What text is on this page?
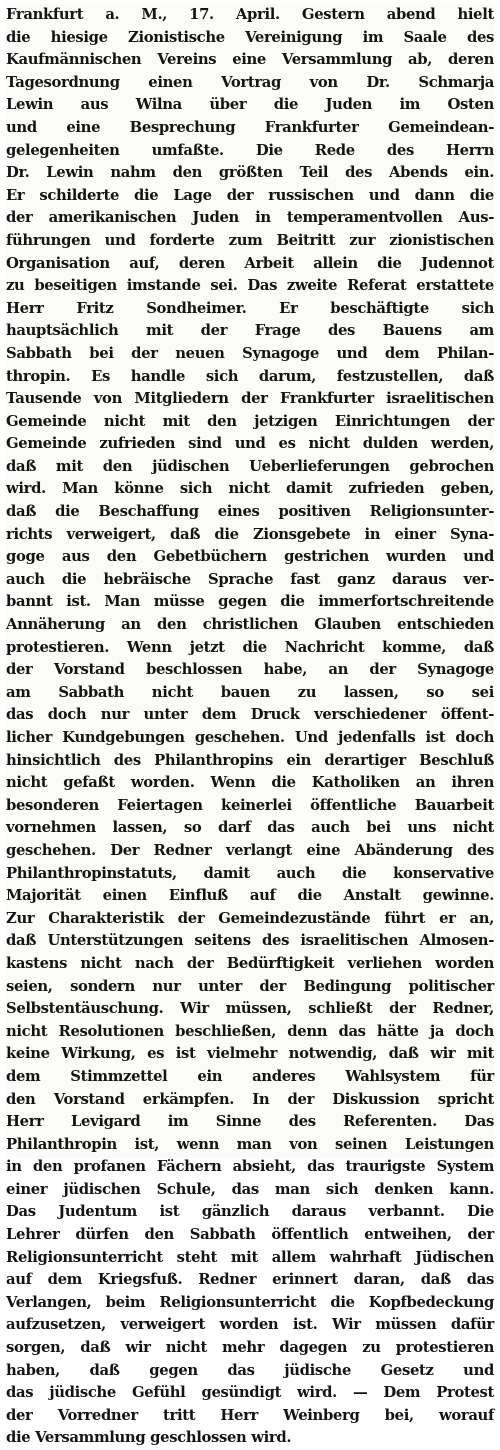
Frankfurt a. M., 17. April. Gestern abend hielt
die hiesige Zionistische Vereinigung im Saale des
Kaufmännischen Vereins eine Versammlung ab, deren
Tagesordnung einen Vortrag von Dr. Schmarja
Lewin aus Wilna über die Juden im Osten
und eine Besprechung Frankfurter Gemeindean-
gelegenheiten umfaßte. Die Rede des Herrn
Dr. Lewin nahm den größten Teil des Abends ein.
Er schilderte die Lage der russischen und dann die
der amerikanischen Juden in temperamentvollen Aus-
führungen und forderte zum Beitritt zur zionistischen
Organisation auf, deren Arbeit allein die Judennot
zu beseitigen imstande sei. Das zweite Referat erstattete
Herr Fritz Sondheimer. Er beschäftigte sich
hauptsächlich mit der Frage des Bauens am
Sabbath bei der neuen Synagoge und dem Philan-
thropin. Es handle sich darum, festzustellen, daß
Tausende von Mitgliedern der Frankfurter israelitischen
Gemeinde nicht mit den jetzigen Einrichtungen der
Gemeinde zufrieden sind und es nicht dulden werden,
daß mit den jüdischen Ueberlieferungen gebrochen
wird. Man könne sich nicht damit zufrieden geben,
daß die Beschaffung eines positiven Religionsunter-
richts verweigert, daß die Zionsgebete in einer Syna-
goge aus den Gebetbüchern gestrichen wurden und
auch die hebräische Sprache fast ganz daraus ver-
bannt ist. Man müsse gegen die immerfortschreitende
Annäherung an den christlichen Glauben entschieden
protestieren. Wenn jetzt die Nachricht komme, daß
der Vorstand beschlossen habe, an der Synagoge
am Sabbath nicht bauen zu lassen, so sei
das doch nur unter dem Druck verschiedener öffent-
licher Kundgebungen geschehen. Und jedenfalls ist doch
hinsichtlich des Philanthropins ein derartiger Beschluß
nicht gefaßt worden. Wenn die Katholiken an ihren
besonderen Feiertagen keinerlei öffentliche Bauarbeit
vornehmen lassen, so darf das auch bei uns nicht
geschehen. Der Redner verlangt eine Abänderung des
Philanthropinstatuts, damit auch die konservative
Majorität einen Einfluß auf die Anstalt gewinne.
Zur Charakteristik der Gemeindezustände führt er an,
daß Unterstützungen seitens des israelitischen Almosen-
kastens nicht nach der Bedürftigkeit verliehen worden
seien, sondern nur unter der Bedingung politischer
Selbstentäuschung. Wir müssen, schließt der Redner,
nicht Resolutionen beschließen, denn das hätte ja doch
keine Wirkung, es ist vielmehr notwendig, daß wir mit
dem Stimmzettel ein anderes Wahlsystem für
den Vorstand erkämpfen. In der Diskussion spricht
Herr Levigard im Sinne des Referenten. Das
Philanthropin ist, wenn man von seinen Leistungen
in den profanen Fächern absieht, das traurigste System
einer jüdischen Schule, das man sich denken kann.
Das Judentum ist gänzlich daraus verbannt. Die
Lehrer dürfen den Sabbath öffentlich entweihen, der
Religionsunterricht steht mit allem wahrhaft Jüdischen
auf dem Kriegsfuß. Redner erinnert daran, daß das
Verlangen, beim Religionsunterricht die Kopfbedeckung
aufzusetzen, verweigert worden ist. Wir müssen dafür
sorgen, daß wir nicht mehr dagegen zu protestieren
haben, daß gegen das jüdische Gesetz und
das jüdische Gefühl gesündigt wird. — Dem Protest
der Vorredner tritt Herr Weinberg bei, worauf
die Versammlung geschlossen wird.
